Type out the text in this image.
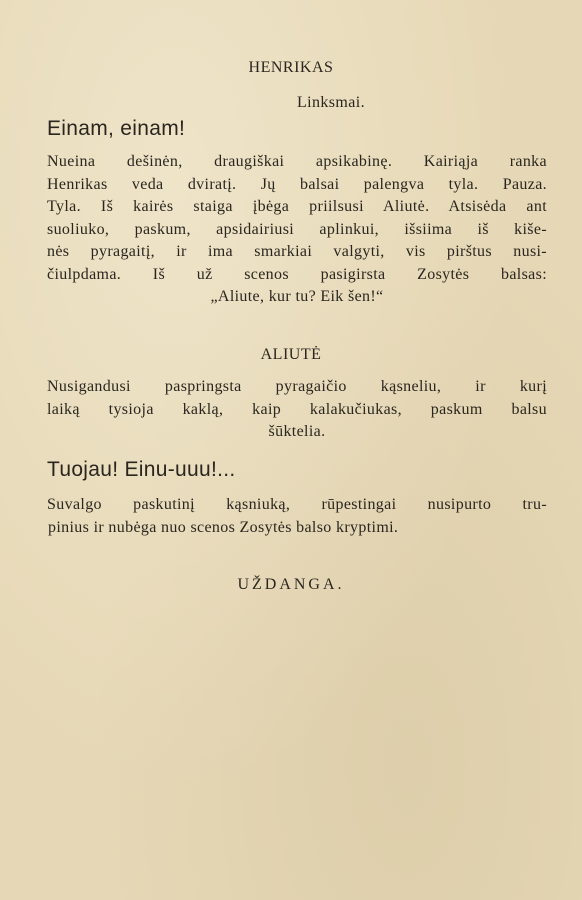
HENRIKAS
Linksmai.
Einam, einam!
Nueina dešinėn, draugiškai apsikabinę. Kairiąja ranka
Henrikas veda dviratį. Jų balsai palengva tyla. Pauza.
Tyla. Iš kairės staiga įbėga priilsusi Aliutė. Atsisėda ant
suoliuko, paskum, apsidairiusi aplinkui, išsiima iš kiše-
nės pyragaitį, ir ima smarkiai valgyti, vis pirštus nusi-
čiulpdama. Iš už scenos pasigirsta Zosytės balsas:
„Aliute, kur tu? Eik šen!“
ALIUTĖ
Nusigandusi paspringsta pyragaičio kąsneliu, ir kurį
laiką tysioja kaklą, kaip kalakučiukas, paskum balsu
šūktelia.
Tuojau! Einu-uuu!...
Suvalgo paskutinį kąsniuką, rūpestingai nusipurto tru-
pinius ir nubėga nuo scenos Zosytės balso kryptimi.
UŽDANGA.
